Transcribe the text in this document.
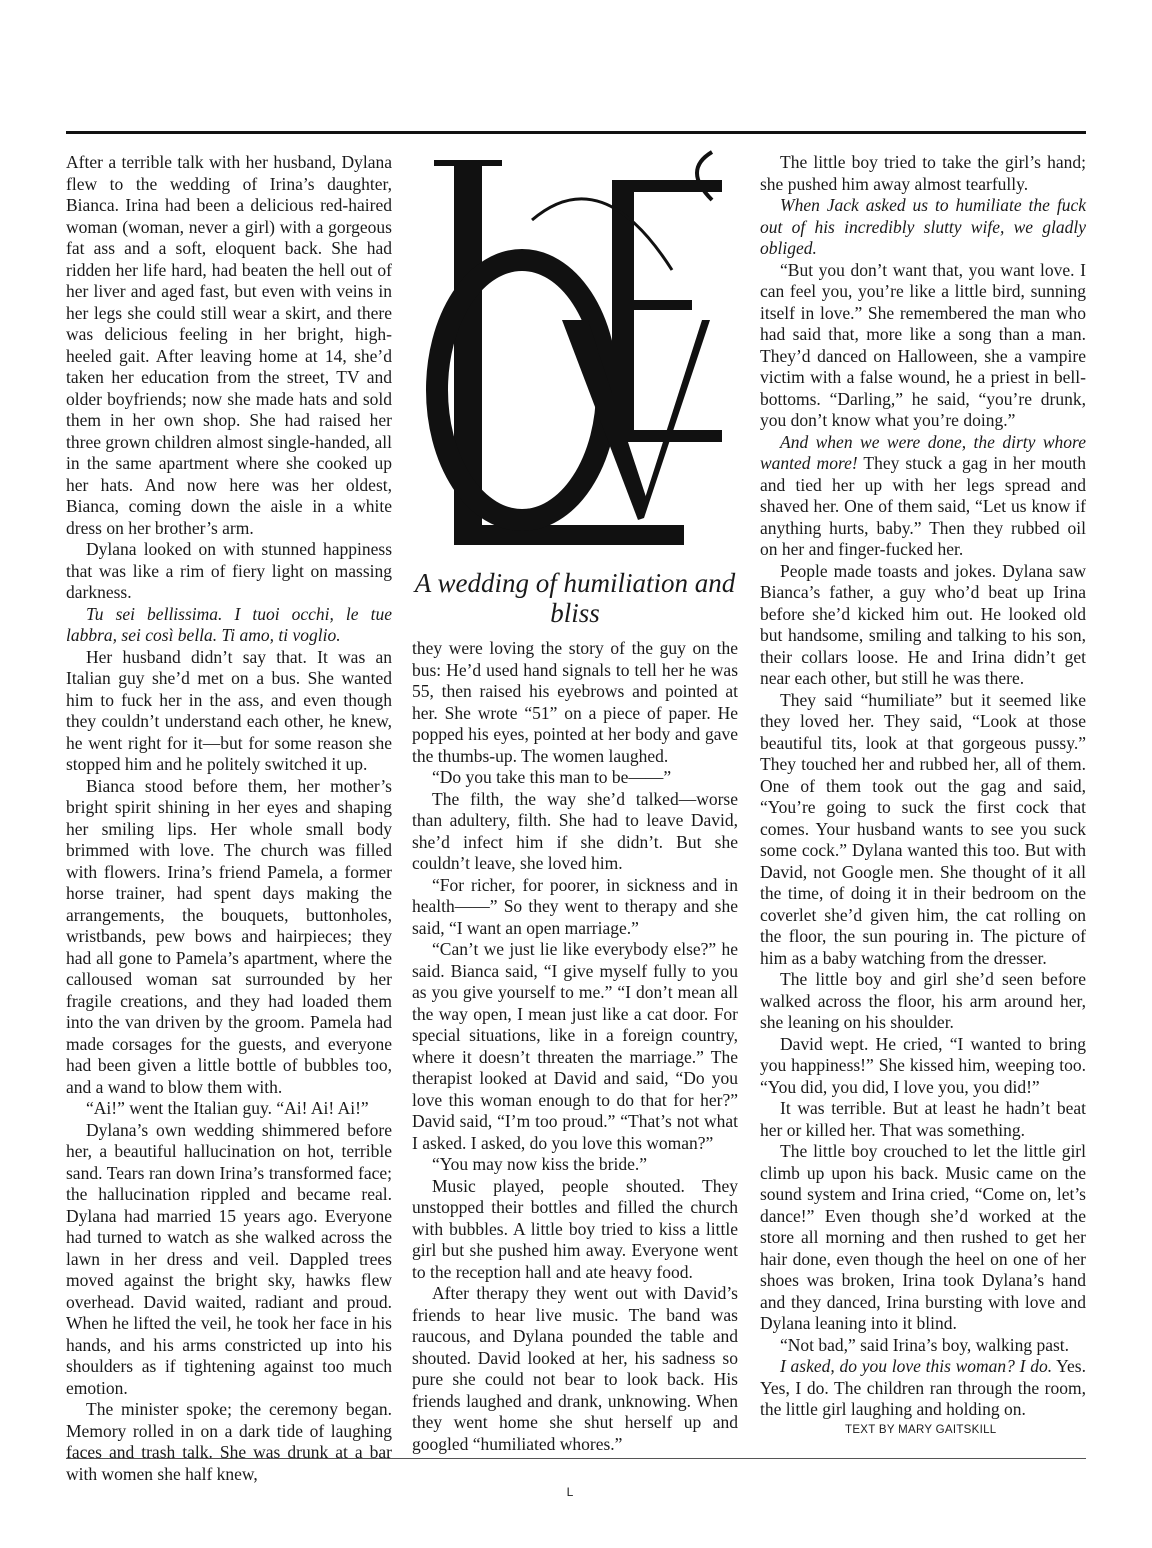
After a terrible talk with her husband, Dylana flew to the wedding of Irina’s daughter, Bianca. Irina had been a delicious red-haired woman (woman, never a girl) with a gorgeous fat ass and a soft, eloquent back. She had ridden her life hard, had beaten the hell out of her liver and aged fast, but even with veins in her legs she could still wear a skirt, and there was delicious feeling in her bright, high-heeled gait. After leaving home at 14, she’d taken her education from the street, TV and older boyfriends; now she made hats and sold them in her own shop. She had raised her three grown children almost single-handed, all in the same apartment where she cooked up her hats. And now here was her oldest, Bianca, coming down the aisle in a white dress on her brother’s arm.

Dylana looked on with stunned happiness that was like a rim of fiery light on massing darkness.

Tu sei bellissima. I tuoi occhi, le tue labbra, sei così bella. Ti amo, ti voglio.

Her husband didn’t say that. It was an Italian guy she’d met on a bus. She wanted him to fuck her in the ass, and even though they couldn’t understand each other, he knew, he went right for it—but for some reason she stopped him and he politely switched it up.

Bianca stood before them, her mother’s bright spirit shining in her eyes and shaping her smiling lips. Her whole small body brimmed with love. The church was filled with flowers. Irina’s friend Pamela, a former horse trainer, had spent days making the arrangements, the bouquets, buttonholes, wristbands, pew bows and hairpieces; they had all gone to Pamela’s apartment, where the calloused woman sat surrounded by her fragile creations, and they had loaded them into the van driven by the groom. Pamela had made corsages for the guests, and everyone had been given a little bottle of bubbles too, and a wand to blow them with.

“Ai!” went the Italian guy. “Ai! Ai! Ai!”

Dylana’s own wedding shimmered before her, a beautiful hallucination on hot, terrible sand. Tears ran down Irina’s transformed face; the hallucination rippled and became real. Dylana had married 15 years ago. Everyone had turned to watch as she walked across the lawn in her dress and veil. Dappled trees moved against the bright sky, hawks flew overhead. David waited, radiant and proud. When he lifted the veil, he took her face in his hands, and his arms constricted up into his shoulders as if tightening against too much emotion.

The minister spoke; the ceremony began. Memory rolled in on a dark tide of laughing faces and trash talk. She was drunk at a bar with women she half knew,

A wedding of humiliation and bliss

they were loving the story of the guy on the bus: He’d used hand signals to tell her he was 55, then raised his eyebrows and pointed at her. She wrote “51” on a piece of paper. He popped his eyes, pointed at her body and gave the thumbs-up. The women laughed.

“Do you take this man to be——”

The filth, the way she’d talked—worse than adultery, filth. She had to leave David, she’d infect him if she didn’t. But she couldn’t leave, she loved him.

“For richer, for poorer, in sickness and in health——” So they went to therapy and she said, “I want an open marriage.”

“Can’t we just lie like everybody else?” he said. Bianca said, “I give myself fully to you as you give yourself to me.” “I don’t mean all the way open, I mean just like a cat door. For special situations, like in a foreign country, where it doesn’t threaten the marriage.” The therapist looked at David and said, “Do you love this woman enough to do that for her?” David said, “I’m too proud.” “That’s not what I asked. I asked, do you love this woman?”

“You may now kiss the bride.”

Music played, people shouted. They unstopped their bottles and filled the church with bubbles. A little boy tried to kiss a little girl but she pushed him away. Everyone went to the reception hall and ate heavy food.

After therapy they went out with David’s friends to hear live music. The band was raucous, and Dylana pounded the table and shouted. David looked at her, his sadness so pure she could not bear to look back. His friends laughed and drank, unknowing. When they went home she shut herself up and googled “humiliated whores.”

The little boy tried to take the girl’s hand; she pushed him away almost tearfully.

When Jack asked us to humiliate the fuck out of his incredibly slutty wife, we gladly obliged.

“But you don’t want that, you want love. I can feel you, you’re like a little bird, sunning itself in love.” She remembered the man who had said that, more like a song than a man. They’d danced on Halloween, she a vampire victim with a false wound, he a priest in bell-bottoms. “Darling,” he said, “you’re drunk, you don’t know what you’re doing.”

And when we were done, the dirty whore wanted more! They stuck a gag in her mouth and tied her up with her legs spread and shaved her. One of them said, “Let us know if anything hurts, baby.” Then they rubbed oil on her and finger-fucked her.

People made toasts and jokes. Dylana saw Bianca’s father, a guy who’d beat up Irina before she’d kicked him out. He looked old but handsome, smiling and talking to his son, their collars loose. He and Irina didn’t get near each other, but still he was there.

They said “humiliate” but it seemed like they loved her. They said, “Look at those beautiful tits, look at that gorgeous pussy.” They touched her and rubbed her, all of them. One of them took out the gag and said, “You’re going to suck the first cock that comes. Your husband wants to see you suck some cock.” Dylana wanted this too. But with David, not Google men. She thought of it all the time, of doing it in their bedroom on the coverlet she’d given him, the cat rolling on the floor, the sun pouring in. The picture of him as a baby watching from the dresser.

The little boy and girl she’d seen before walked across the floor, his arm around her, she leaning on his shoulder.

David wept. He cried, “I wanted to bring you happiness!” She kissed him, weeping too. “You did, you did, I love you, you did!”

It was terrible. But at least he hadn’t beat her or killed her. That was something.

The little boy crouched to let the little girl climb up upon his back. Music came on the sound system and Irina cried, “Come on, let’s dance!” Even though she’d worked at the store all morning and then rushed to get her hair done, even though the heel on one of her shoes was broken, Irina took Dylana’s hand and they danced, Irina bursting with love and Dylana leaning into it blind.

“Not bad,” said Irina’s boy, walking past.

I asked, do you love this woman? I do. Yes. Yes, I do. The children ran through the room, the little girl laughing and holding on.

TEXT BY MARY GAITSKILL
L
